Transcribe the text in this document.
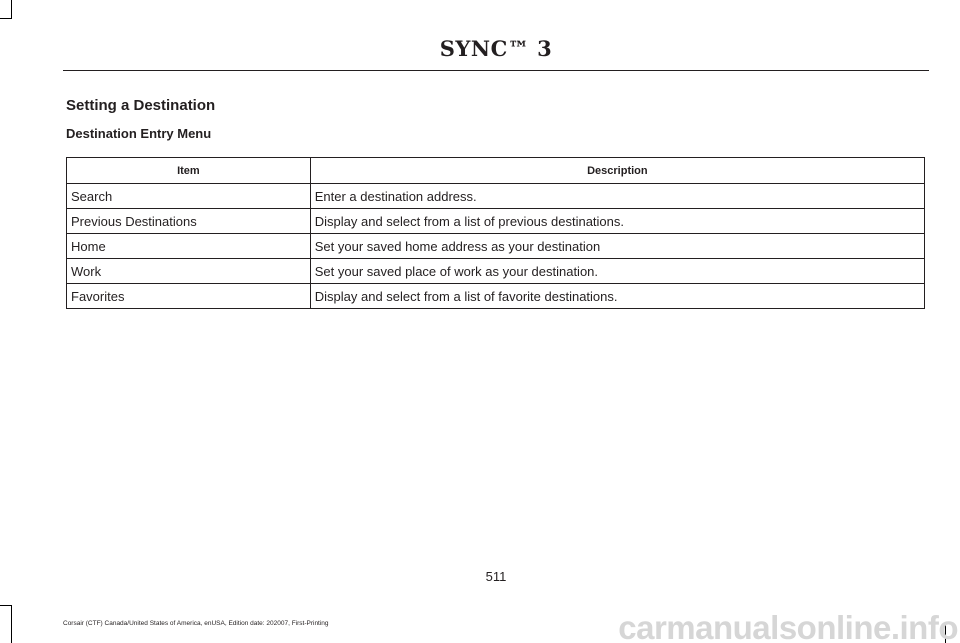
SYNC™ 3
Setting a Destination
Destination Entry Menu
Item	Description
Search	Enter a destination address.
Previous Destinations	Display and select from a list of previous destinations.
Home	Set your saved home address as your destination
Work	Set your saved place of work as your destination.
Favorites	Display and select from a list of favorite destinations.
511
Corsair (CTF) Canada/United States of America, enUSA, Edition date: 202007, First-Printing	carmanualsonline.info
